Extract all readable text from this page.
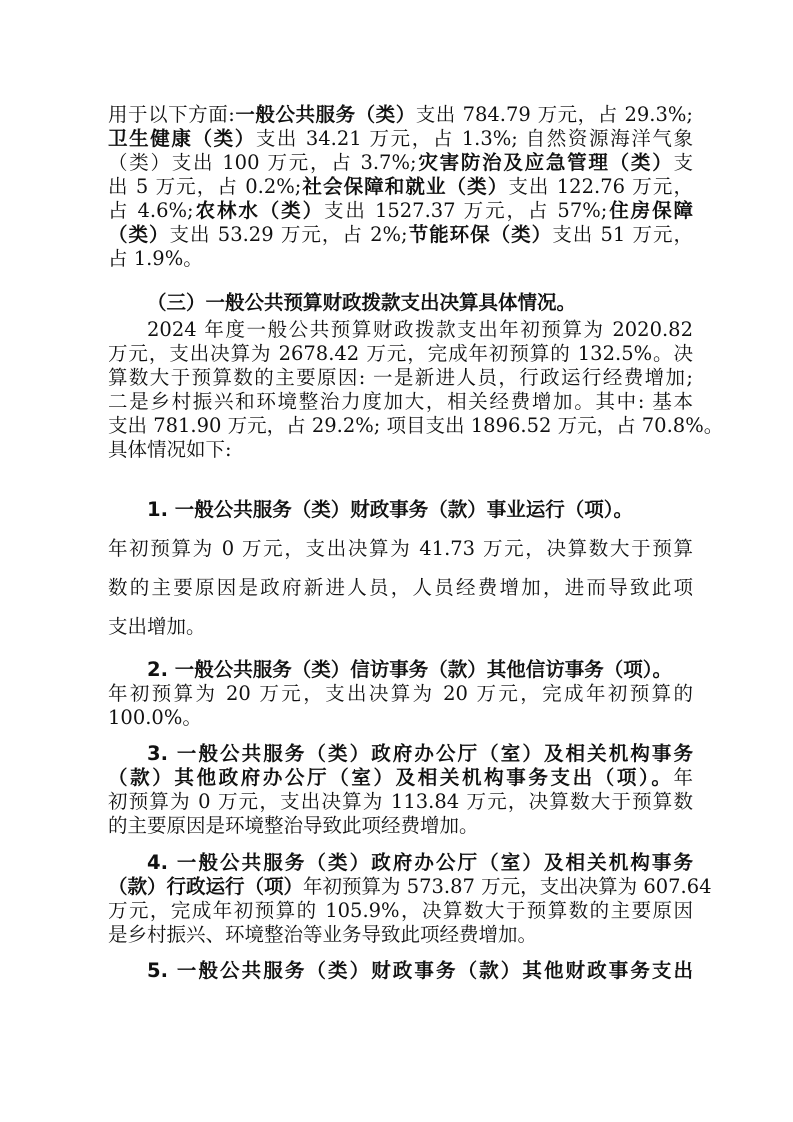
用于以下方面:一般公共服务（类）支出 784.79 万元，占 29.3%;

卫生健康（类）支出 34.21 万元，占 1.3%; 自然资源海洋气象

（类）支出 100 万元，占 3.7%;灾害防治及应急管理（类）支

出 5 万元，占 0.2%;社会保障和就业（类）支出 122.76 万元，

占 4.6%;农林水（类）支出 1527.37 万元，占 57%;住房保障

（类）支出 53.29 万元，占 2%;节能环保（类）支出 51 万元，

占 1.9%。

（三）一般公共预算财政拨款支出决算具体情况。

2024 年度一般公共预算财政拨款支出年初预算为 2020.82

万元，支出决算为 2678.42 万元，完成年初预算的 132.5%。决

算数大于预算数的主要原因: 一是新进人员，行政运行经费增加;

二是乡村振兴和环境整治力度加大，相关经费增加。其中: 基本

支出 781.90 万元，占 29.2%; 项目支出 1896.52 万元，占 70.8%。

具体情况如下:

1. 一般公共服务（类）财政事务（款）事业运行（项）。

年初预算为 0 万元，支出决算为 41.73 万元，决算数大于预算

数的主要原因是政府新进人员，人员经费增加，进而导致此项

支出增加。

2. 一般公共服务（类）信访事务（款）其他信访事务（项）。

年初预算为 20 万元，支出决算为 20 万元，完成年初预算的

100.0%。

3. 一般公共服务（类）政府办公厅（室）及相关机构事务

（款）其他政府办公厅（室）及相关机构事务支出（项）。年

初预算为 0 万元，支出决算为 113.84 万元，决算数大于预算数

的主要原因是环境整治导致此项经费增加。

4. 一般公共服务（类）政府办公厅（室）及相关机构事务

（款）行政运行（项）年初预算为 573.87 万元，支出决算为 607.64

万元，完成年初预算的 105.9%，决算数大于预算数的主要原因

是乡村振兴、环境整治等业务导致此项经费增加。

5. 一般公共服务（类）财政事务（款）其他财政事务支出
